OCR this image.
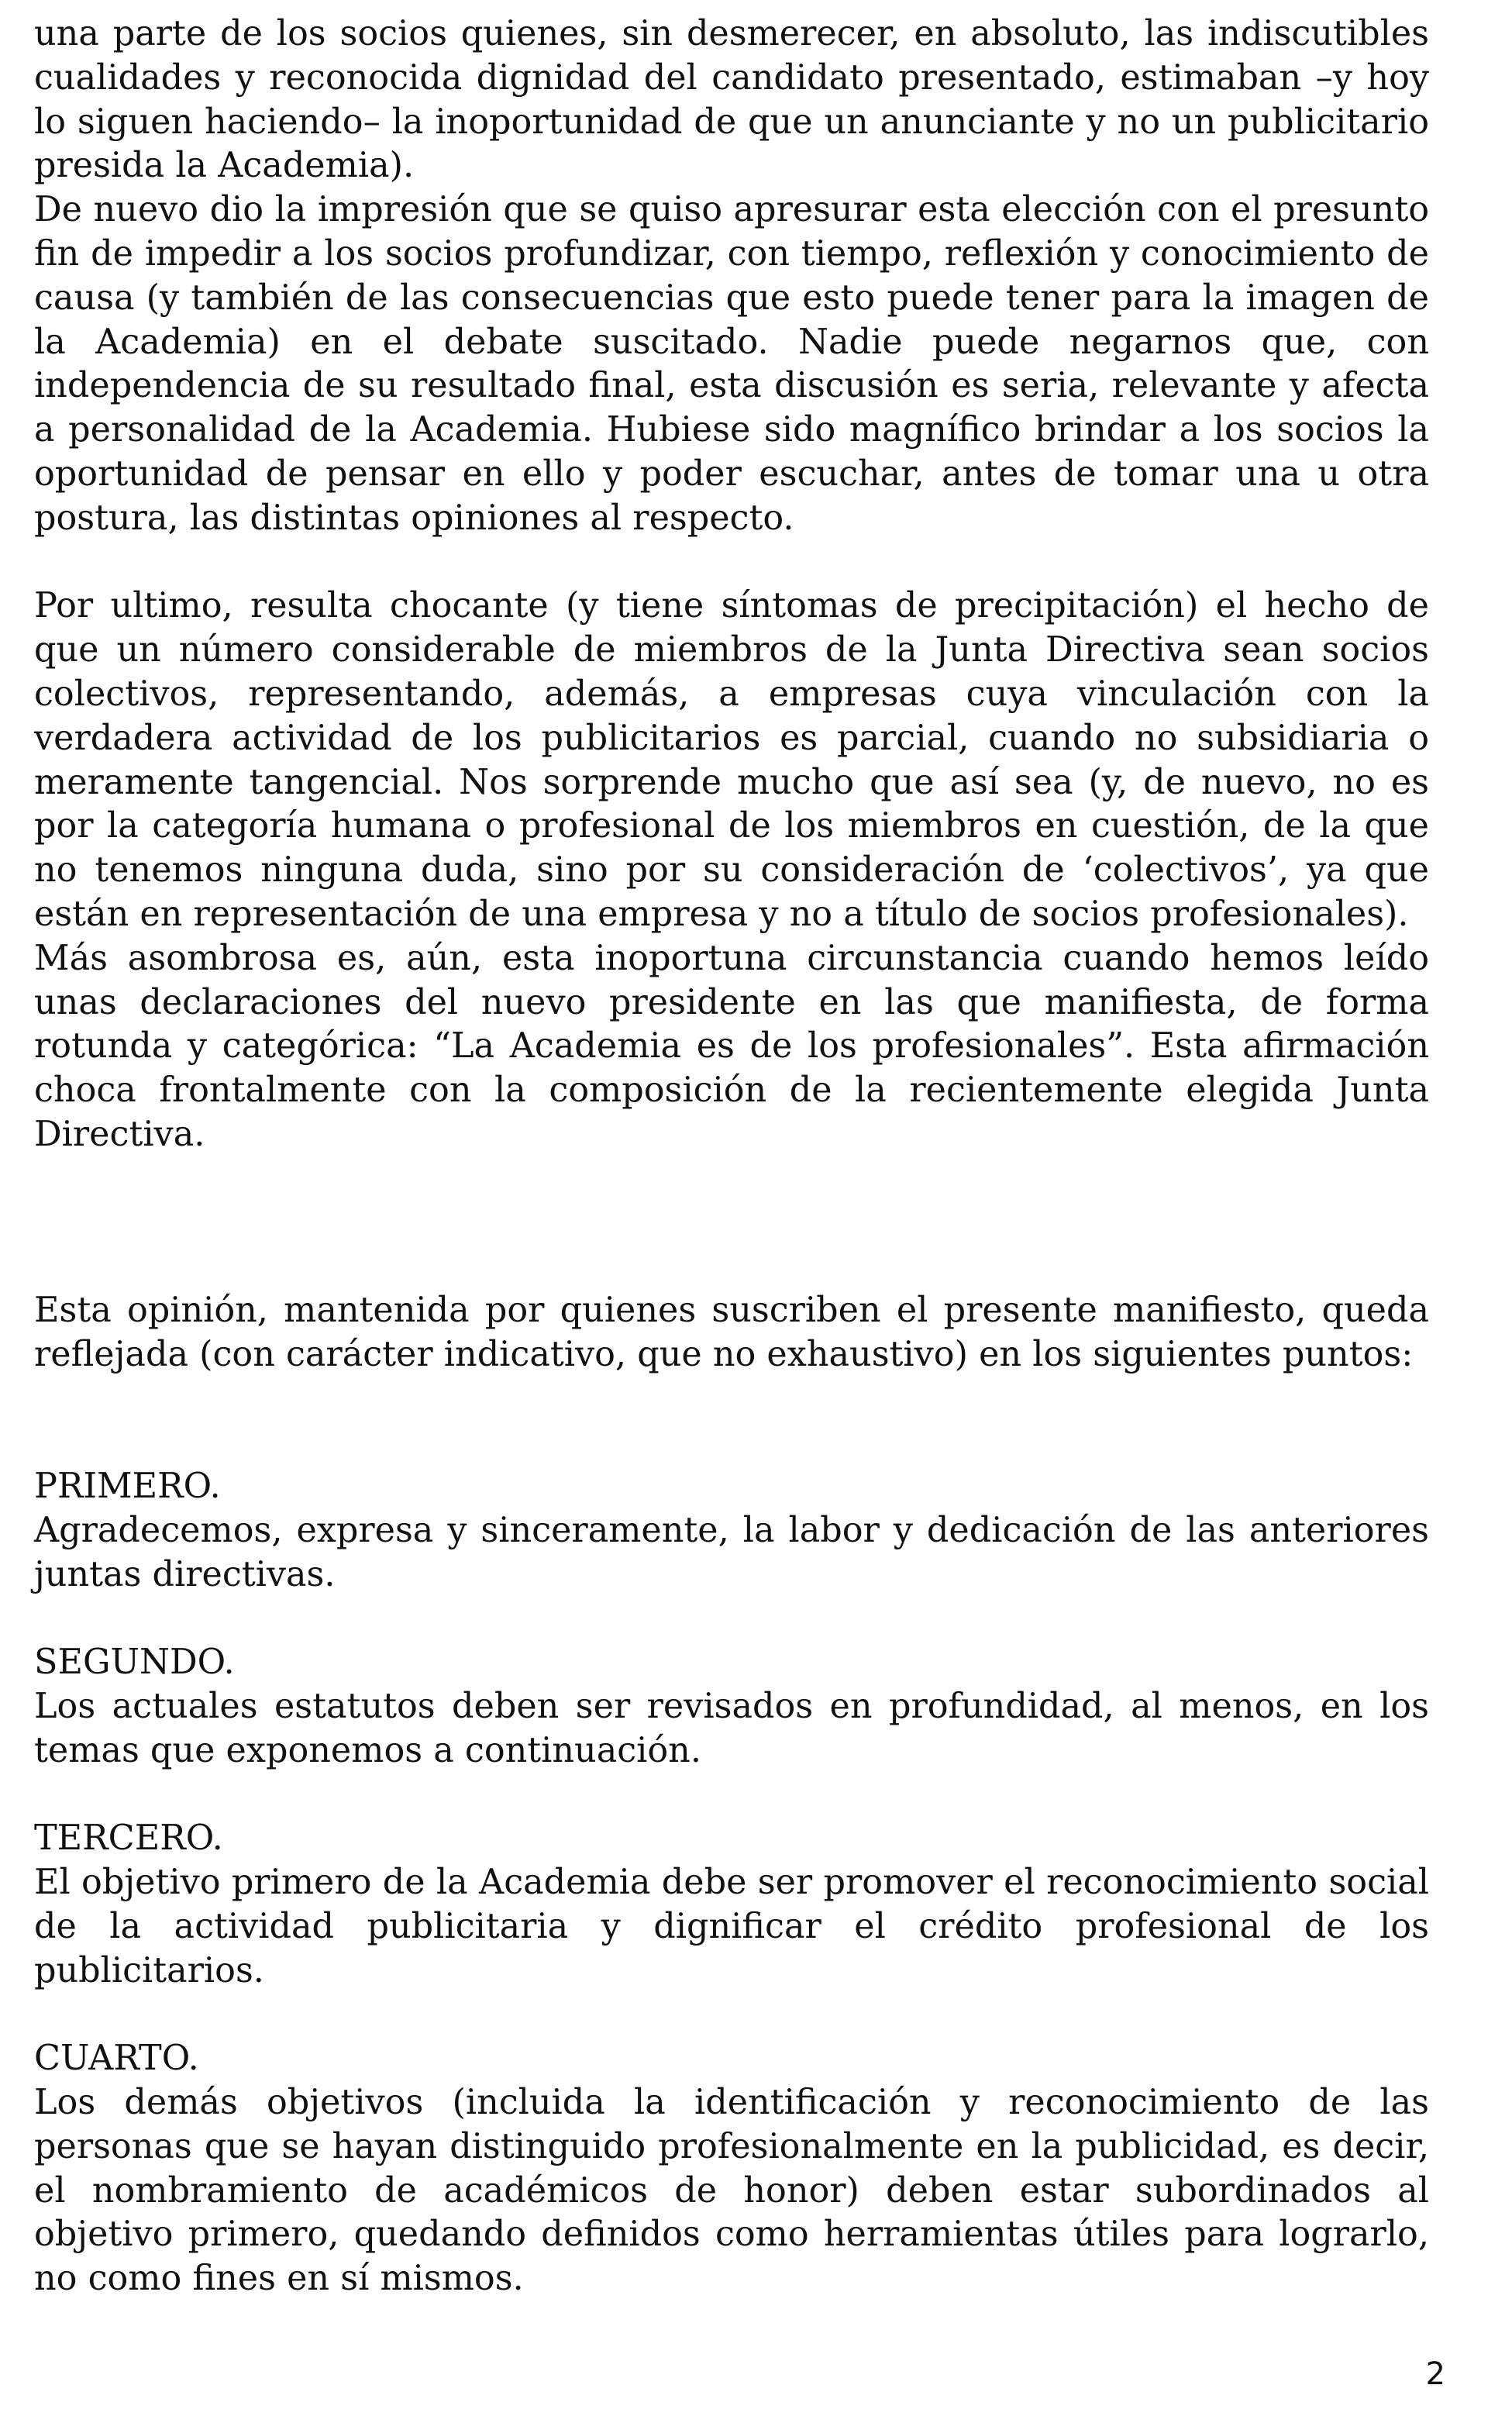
una parte de los socios quienes, sin desmerecer, en absoluto, las indiscutibles cualidades y reconocida dignidad del candidato presentado, estimaban –y hoy lo siguen haciendo– la inoportunidad de que un anunciante y no un publicitario presida la Academia).

De nuevo dio la impresión que se quiso apresurar esta elección con el presunto fin de impedir a los socios profundizar, con tiempo, reflexión y conocimiento de causa (y también de las consecuencias que esto puede tener para la imagen de la Academia) en el debate suscitado. Nadie puede negarnos que, con independencia de su resultado final, esta discusión es seria, relevante y afecta a personalidad de la Academia. Hubiese sido magnífico brindar a los socios la oportunidad de pensar en ello y poder escuchar, antes de tomar una u otra postura, las distintas opiniones al respecto.

Por ultimo, resulta chocante (y tiene síntomas de precipitación) el hecho de que un número considerable de miembros de la Junta Directiva sean socios colectivos, representando, además, a empresas cuya vinculación con la verdadera actividad de los publicitarios es parcial, cuando no subsidiaria o meramente tangencial. Nos sorprende mucho que así sea (y, de nuevo, no es por la categoría humana o profesional de los miembros en cuestión, de la que no tenemos ninguna duda, sino por su consideración de ‘colectivos’, ya que están en representación de una empresa y no a título de socios profesionales).

Más asombrosa es, aún, esta inoportuna circunstancia cuando hemos leído unas declaraciones del nuevo presidente en las que manifiesta, de forma rotunda y categórica: “La Academia es de los profesionales”. Esta afirmación choca frontalmente con la composición de la recientemente elegida Junta Directiva.

Esta opinión, mantenida por quienes suscriben el presente manifiesto, queda reflejada (con carácter indicativo, que no exhaustivo) en los siguientes puntos:

PRIMERO.

Agradecemos, expresa y sinceramente, la labor y dedicación de las anteriores juntas directivas.

SEGUNDO.

Los actuales estatutos deben ser revisados en profundidad, al menos, en los temas que exponemos a continuación.

TERCERO.

El objetivo primero de la Academia debe ser promover el reconocimiento social de la actividad publicitaria y dignificar el crédito profesional de los publicitarios.

CUARTO.

Los demás objetivos (incluida la identificación y reconocimiento de las personas que se hayan distinguido profesionalmente en la publicidad, es decir, el nombramiento de académicos de honor) deben estar subordinados al objetivo primero, quedando definidos como herramientas útiles para lograrlo, no como fines en sí mismos.

2
